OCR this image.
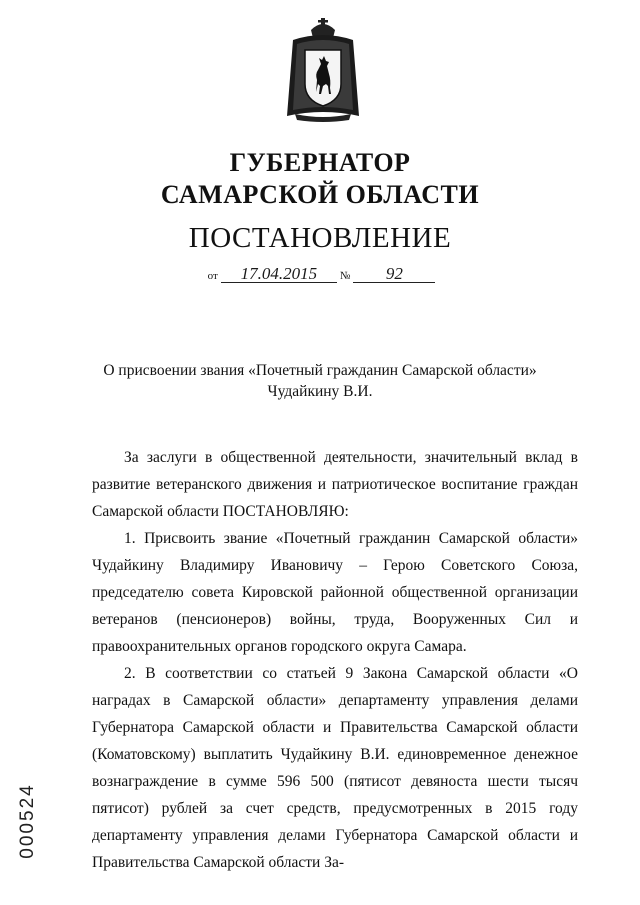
ГУБЕРНАТОР
САМАРСКОЙ ОБЛАСТИ
ПОСТАНОВЛЕНИЕ
от 17.04.2015 № 92
О присвоении звания «Почетный гражданин Самарской области»
Чудайкину В.И.

За заслуги в общественной деятельности, значительный вклад в развитие ветеранского движения и патриотическое воспитание граждан Самарской области ПОСТАНОВЛЯЮ:

1. Присвоить звание «Почетный гражданин Самарской области» Чудайкину Владимиру Ивановичу – Герою Советского Союза, председателю совета Кировской районной общественной организации ветеранов (пенсионеров) войны, труда, Вооруженных Сил и правоохранительных органов городского округа Самара.

2. В соответствии со статьей 9 Закона Самарской области «О наградах в Самарской области» департаменту управления делами Губернатора Самарской области и Правительства Самарской области (Коматовскому) выплатить Чудайкину В.И. единовременное денежное вознаграждение в сумме 596 500 (пятисот девяноста шести тысяч пятисот) рублей за счет средств, предусмотренных в 2015 году департаменту управления делами Губернатора Самарской области и Правительства Самарской области За-

000524
